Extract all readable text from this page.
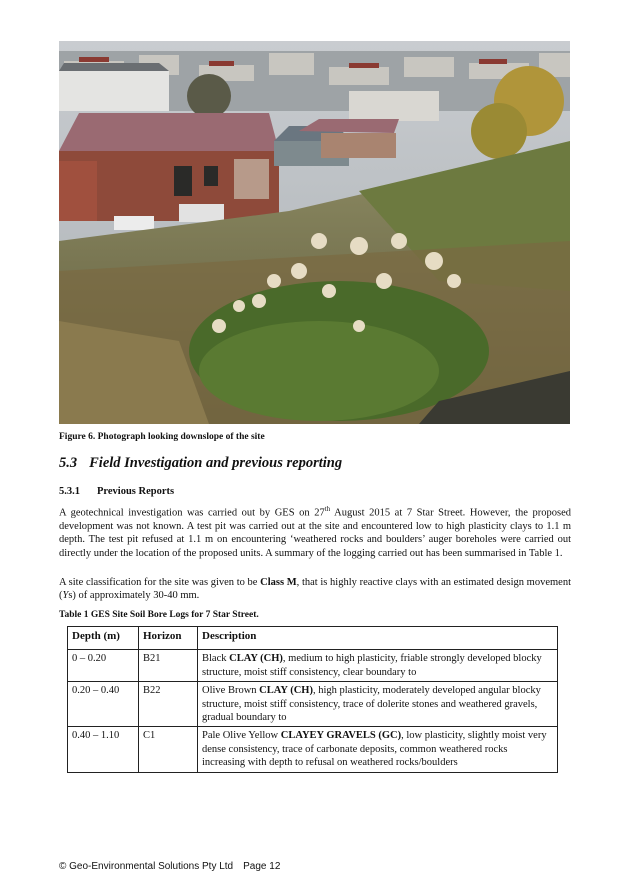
Figure 6. Photograph looking downslope of the site
5.3 Field Investigation and previous reporting
5.3.1 Previous Reports

A geotechnical investigation was carried out by GES on 27th August 2015 at 7 Star Street. However, the proposed development was not known. A test pit was carried out at the site and encountered low to high plasticity clays to 1.1 m depth. The test pit refused at 1.1 m on encountering ‘weathered rocks and boulders’ auger boreholes were carried out directly under the location of the proposed units. A summary of the logging carried out has been summarised in Table 1.

A site classification for the site was given to be Class M, that is highly reactive clays with an estimated design movement (Ys) of approximately 30-40 mm.

Table 1 GES Site Soil Bore Logs for 7 Star Street.
Depth (m)	Horizon	Description
0 – 0.20	B21	Black CLAY (CH), medium to high plasticity, friable strongly developed blocky structure, moist stiff consistency, clear boundary to
0.20 – 0.40	B22	Olive Brown CLAY (CH), high plasticity, moderately developed angular blocky structure, moist stiff consistency, trace of dolerite stones and weathered gravels, gradual boundary to
0.40 – 1.10	C1	Pale Olive Yellow CLAYEY GRAVELS (GC), low plasticity, slightly moist very dense consistency, trace of carbonate deposits, common weathered rocks increasing with depth to refusal on weathered rocks/boulders
© Geo-Environmental Solutions Pty Ltd Page 12
